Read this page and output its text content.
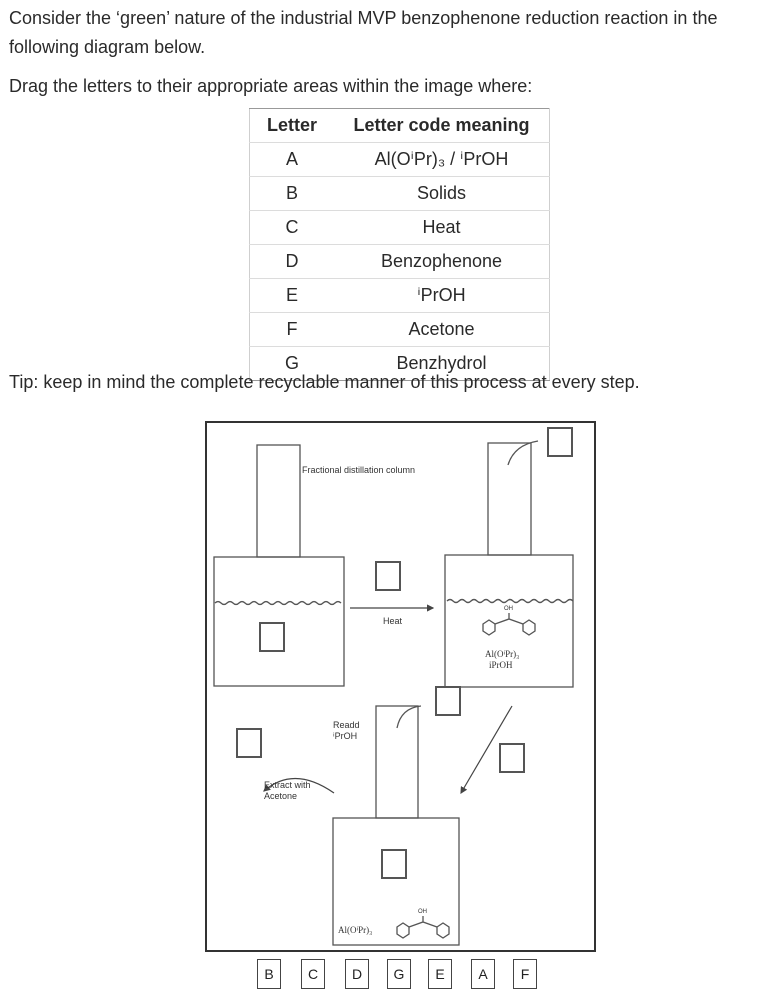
Consider the ‘green’ nature of the industrial MVP benzophenone reduction reaction in the following diagram below.

Drag the letters to their appropriate areas within the image where:

Letter	Letter code meaning
A	Al(OⁱPr)₃ / ⁱPrOH
B	Solids
C	Heat
D	Benzophenone
E	ⁱPrOH
F	Acetone
G	Benzhydrol
Tip: keep in mind the complete recyclable manner of this process at every step.
Fractional distillation column
Heat
Readd ⁱPrOH
Extract with Acetone
Al(OⁱPr)₃
iPrOH
Al(OⁱPr)₃
OH
OH
B	C	D	G	E	A	F
